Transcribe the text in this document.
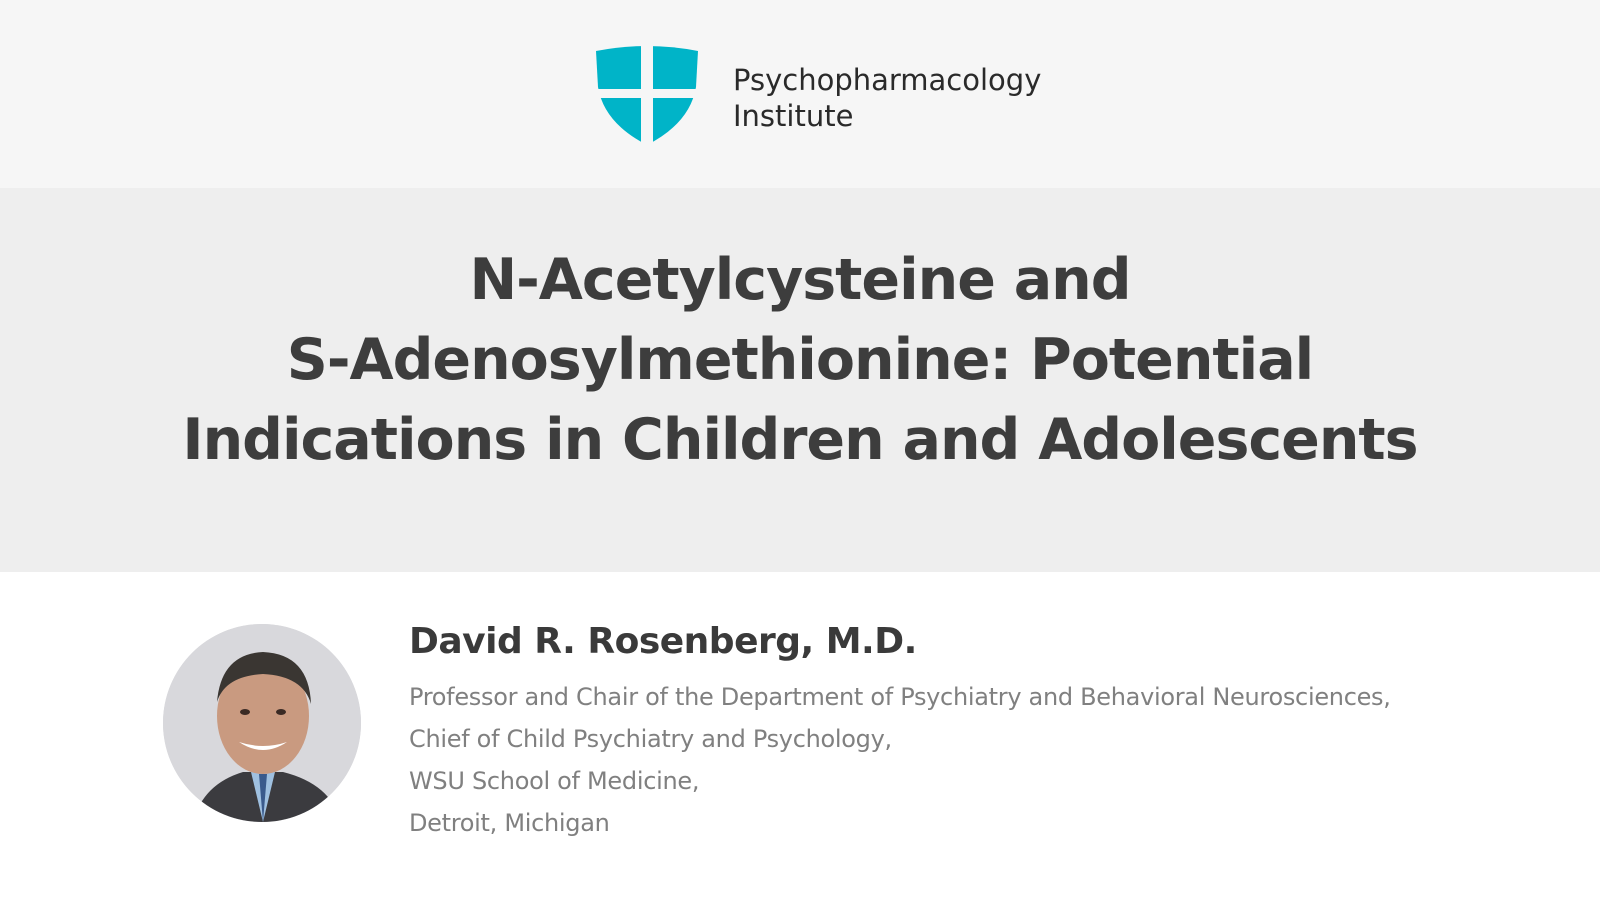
Psychopharmacology
Institute
N-Acetylcysteine and
S-Adenosylmethionine: Potential
Indications in Children and Adolescents
David R. Rosenberg, M.D.
Professor and Chair of the Department of Psychiatry and Behavioral Neurosciences,
Chief of Child Psychiatry and Psychology,
WSU School of Medicine,
Detroit, Michigan
